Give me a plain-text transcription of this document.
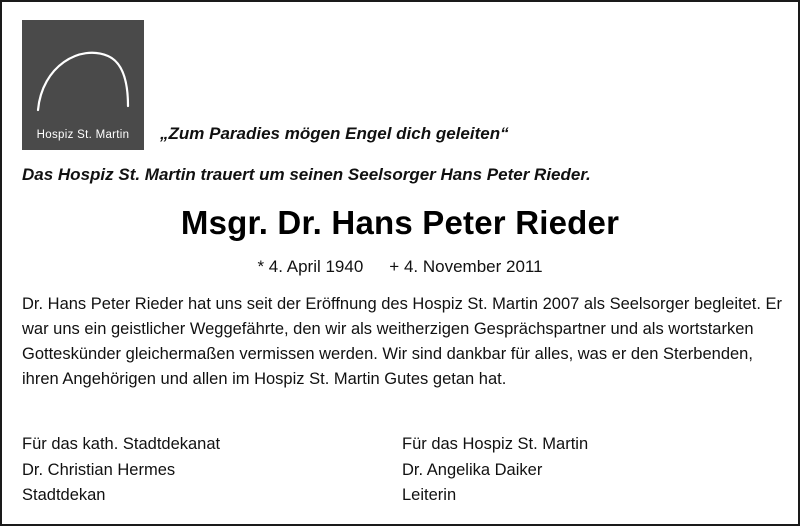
Hospiz St. Martin	„Zum Paradies mögen Engel dich geleiten“
Das Hospiz St. Martin trauert um seinen Seelsorger Hans Peter Rieder.
Msgr. Dr. Hans Peter Rieder
* 4. April 1940 + 4. November 2011
Dr. Hans Peter Rieder hat uns seit der Eröffnung des Hospiz St. Martin 2007 als Seelsorger begleitet. Er war uns ein geistlicher Weggefährte, den wir als weitherzigen Gesprächspartner und als wortstarken Gotteskünder gleichermaßen vermissen werden. Wir sind dankbar für alles, was er den Sterbenden, ihren Angehörigen und allen im Hospiz St. Martin Gutes getan hat.
Für das kath. Stadtdekanat
Dr. Christian Hermes
Stadtdekan
Für das Hospiz St. Martin
Dr. Angelika Daiker
Leiterin
